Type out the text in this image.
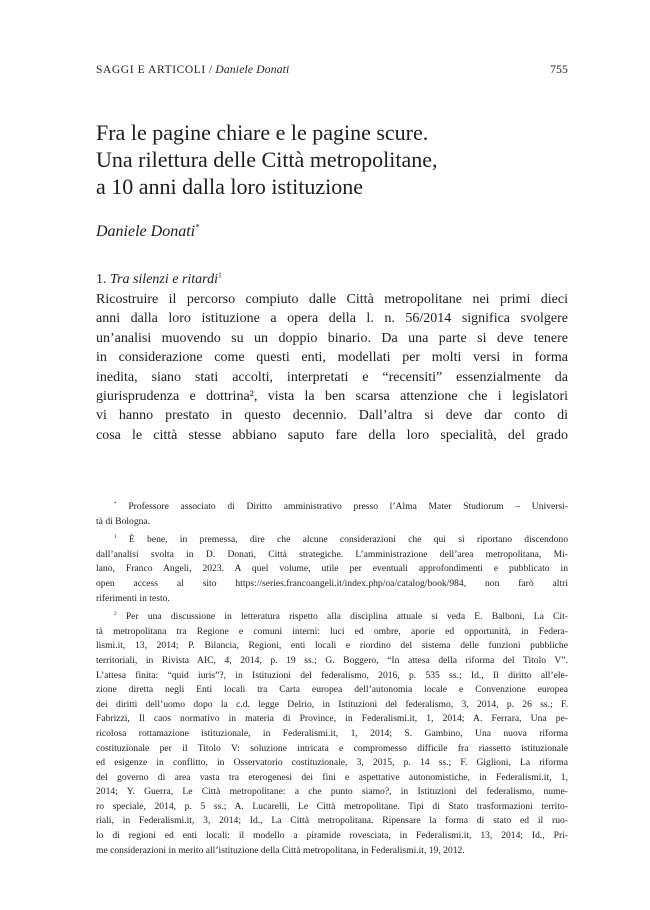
SAGGI E ARTICOLI / Daniele Donati	755
Fra le pagine chiare e le pagine scure.
Una rilettura delle Città metropolitane,
a 10 anni dalla loro istituzione
Daniele Donati*
1. Tra silenzi e ritardi$^1$
Ricostruire il percorso compiuto dalle Città metropolitane nei primi dieci
anni dalla loro istituzione a opera della l. n. 56/2014 significa svolgere
un’analisi muovendo su un doppio binario. Da una parte si deve tenere
in considerazione come questi enti, modellati per molti versi in forma
inedita, siano stati accolti, interpretati e “recensiti” essenzialmente da
giurisprudenza e dottrina², vista la ben scarsa attenzione che i legislatori
vi hanno prestato in questo decennio. Dall’altra si deve dar conto di
cosa le città stesse abbiano saputo fare della loro specialità, del grado
* Professore associato di Diritto amministrativo presso l’Alma Mater Studiorum – Universi-
tà di Bologna.
$^1$ È bene, in premessa, dire che alcune considerazioni che qui si riportano discendono
dall’analisi svolta in D. Donati, Città strategiche. L’amministrazione dell’area metropolitana, Mi-
lano, Franco Angeli, 2023. A quel volume, utile per eventuali approfondimenti e pubblicato in
open access al sito https://series.francoangeli.it/index.php/oa/catalog/book/984, non farò altri
riferimenti in testo.
$^2$ Per una discussione in letteratura rispetto alla disciplina attuale si veda E. Balboni, La Cit-
tà metropolitana tra Regione e comuni interni: luci ed ombre, aporie ed opportunità, in Federa-
lismi.it, 13, 2014; P. Bilancia, Regioni, enti locali e riordino del sistema delle funzioni pubbliche
territoriali, in Rivista AIC, 4, 2014, p. 19 ss.; G. Boggero, “In attesa della riforma del Titolo V”.
L’attesa finita: “quid iuris”?, in Istituzioni del federalismo, 2016, p. 535 ss.; Id., Il diritto all’ele-
zione diretta negli Enti locali tra Carta europea dell’autonomia locale e Convenzione europea
dei diritti dell’uomo dopo la c.d. legge Delrio, in Istituzioni del federalismo, 3, 2014, p. 26 ss.; F.
Fabrizzi, Il caos normativo in materia di Province, in Federalismi.it, 1, 2014; A. Ferrara, Una pe-
ricolosa rottamazione istituzionale, in Federalismi.it, 1, 2014; S. Gambino, Una nuova riforma
costituzionale per il Titolo V: soluzione intricata e compromesso difficile fra riassetto istituzionale
ed esigenze in conflitto, in Osservatorio costituzionale, 3, 2015, p. 14 ss.; F. Giglioni, La riforma
del governo di area vasta tra eterogenesi dei fini e aspettative autonomistiche, in Federalismi.it, 1,
2014; Y. Guerra, Le Città metropolitane: a che punto siamo?, in Istituzioni del federalismo, nume-
ro speciale, 2014, p. 5 ss.; A. Lucarelli, Le Città metropolitane. Tipi di Stato trasformazioni territo-
riali, in Federalismi.it, 3, 2014; Id., La Città metropolitana. Ripensare la forma di stato ed il ruo-
lo di regioni ed enti locali: il modello a piramide rovesciata, in Federalismi.it, 13, 2014; Id., Pri-
me considerazioni in merito all’istituzione della Città metropolitana, in Federalismi.it, 19, 2012.
